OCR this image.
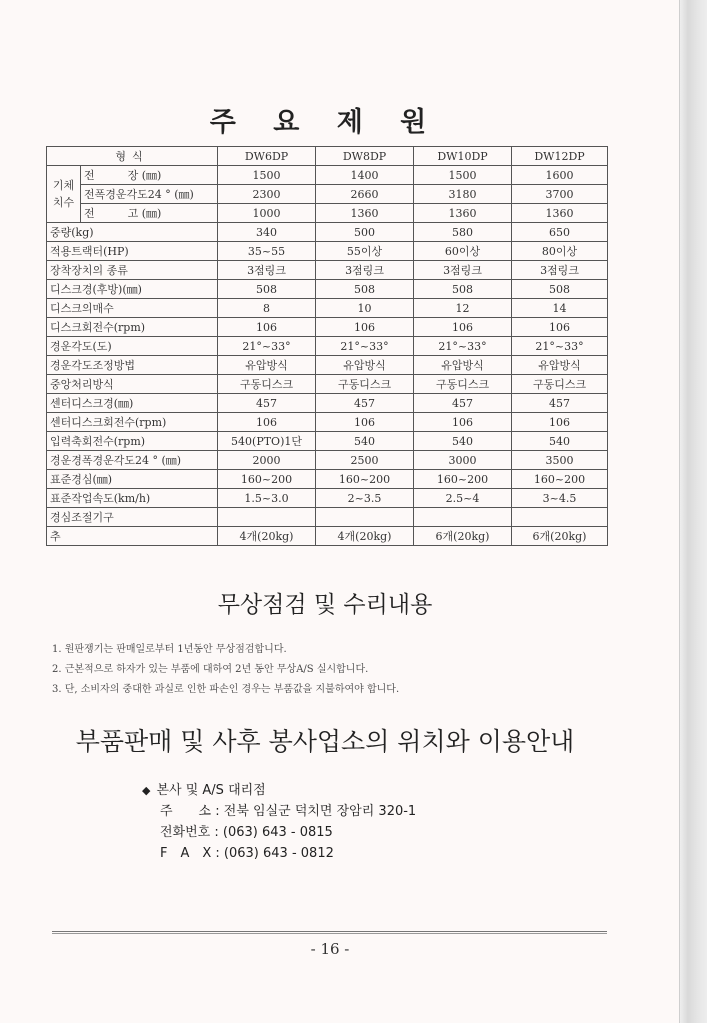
주 요 제 원
형식		DW6DP	DW8DP	DW10DP	DW12DP

기체
치수	전　　　장 (㎜)	1500	1400	1500	1600
	전폭경운각도24 ° (㎜)	2300	2660	3180	3700
	전　　　고 (㎜)	1000	1360	1360	1360
중량(kg)		340	500	580	650
적용트랙터(HP)		35~55	55이상	60이상	80이상
장착장치의 종류		3점링크	3점링크	3점링크	3점링크
디스크경(후방)(㎜)		508	508	508	508
디스크의매수		8	10	12	14
디스크회전수(rpm)		106	106	106	106
경운각도(도)		21°~33°	21°~33°	21°~33°	21°~33°
경운각도조정방법		유압방식	유압방식	유압방식	유압방식
중앙처리방식		구동디스크	구동디스크	구동디스크	구동디스크
센터디스크경(㎜)		457	457	457	457
센터디스크회전수(rpm)		106	106	106	106
입력축회전수(rpm)		540(PTO)1단	540	540	540
경운경폭경운각도24 ° (㎜)		2000	2500	3000	3500
표준경심(㎜)		160~200	160~200	160~200	160~200
표준작업속도(km/h)		1.5~3.0	2~3.5	2.5~4	3~4.5
경심조절기구					
추		4개(20kg)	4개(20kg)	6개(20kg)	6개(20kg)
무상점검 및 수리내용
1. 원판쟁기는 판매일로부터 1년동안 무상점검합니다.
2. 근본적으로 하자가 있는 부품에 대하여 2년 동안 무상A/S 실시합니다.
3. 단, 소비자의 중대한 과실로 인한 파손인 경우는 부품값을 지불하여야 합니다.
부품판매 및 사후 봉사업소의 위치와 이용안내
◆ 본사 및 A/S 대리점
주　　소 : 전북 임실군 덕치면 장암리 320-1
전화번호 : (063) 643 - 0815
F　A　X : (063) 643 - 0812
- 16 -
